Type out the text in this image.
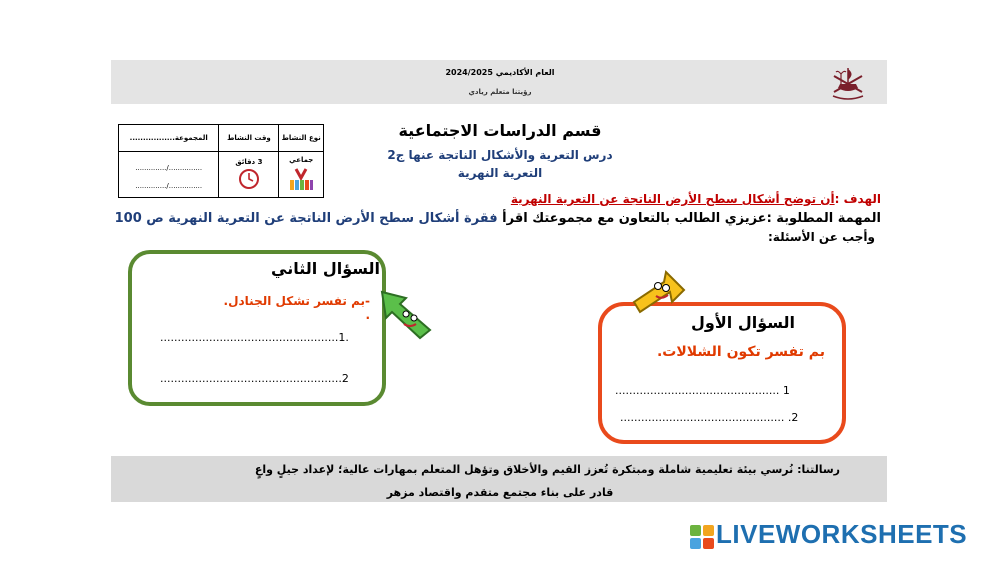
العام الأكاديمي 2024/2025
رؤيتنا متعلم ريادي
المجموعة.................	وقت النشاط	نوع النشاط

.............../..............
.............../..............	3 دقائق	جماعي
قسم الدراسات الاجتماعية
درس التعرية والأشكال الناتجة عنها ج2
التعرية النهرية
الهدف :أن توضح أشكال سطح الأرض الناتجة عن التعرية النهرية
المهمة المطلوبة :عزيزي الطالب بالتعاون مع مجموعتك اقرأ فقرة أشكال سطح الأرض الناتجة عن التعرية النهرية ص 100
وأجب عن الأسئلة:
السؤال الثاني
-بم تفسر تشكل الجنادل. .
...................................................1.
....................................................2
السؤال الأول
بم تفسر تكون الشلالات.
............................................... 1
............................................... .2
رسالتنا: نُرسي بيئة تعليمية شاملة ومبتكرة تُعزز القيم والأخلاق وتؤهل المتعلم بمهارات عالية؛ لإعداد جيلٍ واعٍ
قادر على بناء مجتمع متقدم واقتصاد مزهر
LIVEWORKSHEETS
